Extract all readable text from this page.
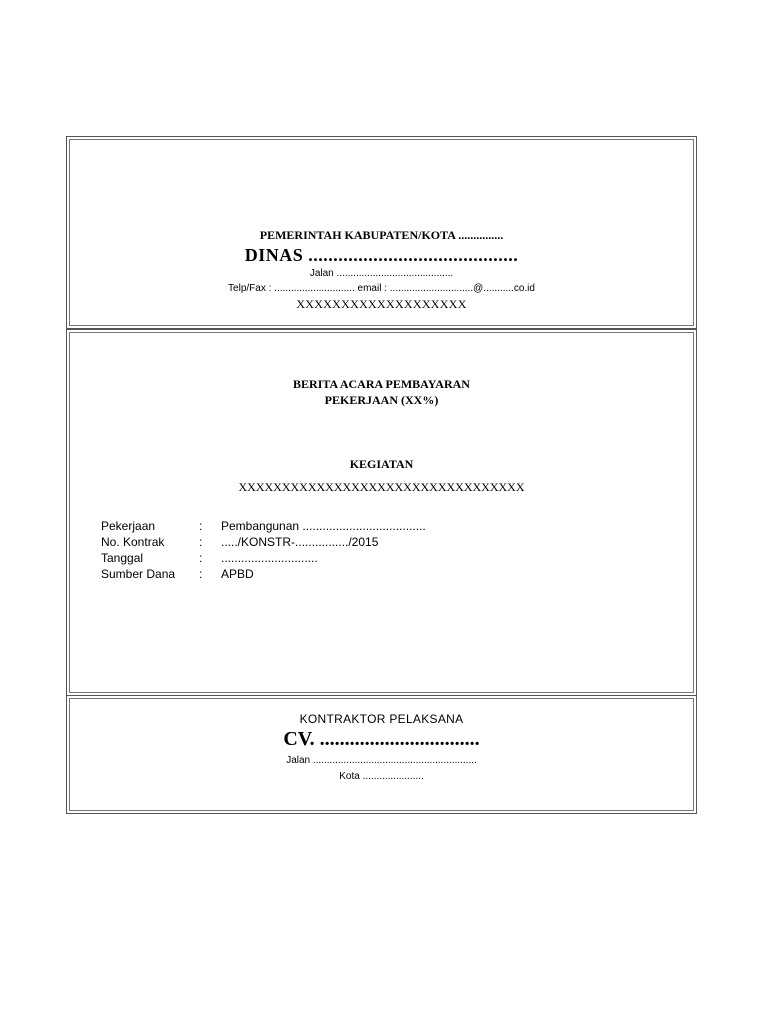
PEMERINTAH KABUPATEN/KOTA ...............
DINAS ..........................................
Jalan ..........................................
Telp/Fax : ............................. email : ..............................@...........co.id
XXXXXXXXXXXXXXXXXXX
BERITA ACARA PEMBAYARAN
PEKERJAAN (XX%)
KEGIATAN
XXXXXXXXXXXXXXXXXXXXXXXXXXXXXXXXX
Pekerjaan	: Pembangunan .....................................
No. Kontrak	: ...../KONSTR-................/2015
Tanggal	: .............................
Sumber Dana : APBD
KONTRAKTOR PELAKSANA
CV. ................................
Jalan ...........................................................
Kota ......................
